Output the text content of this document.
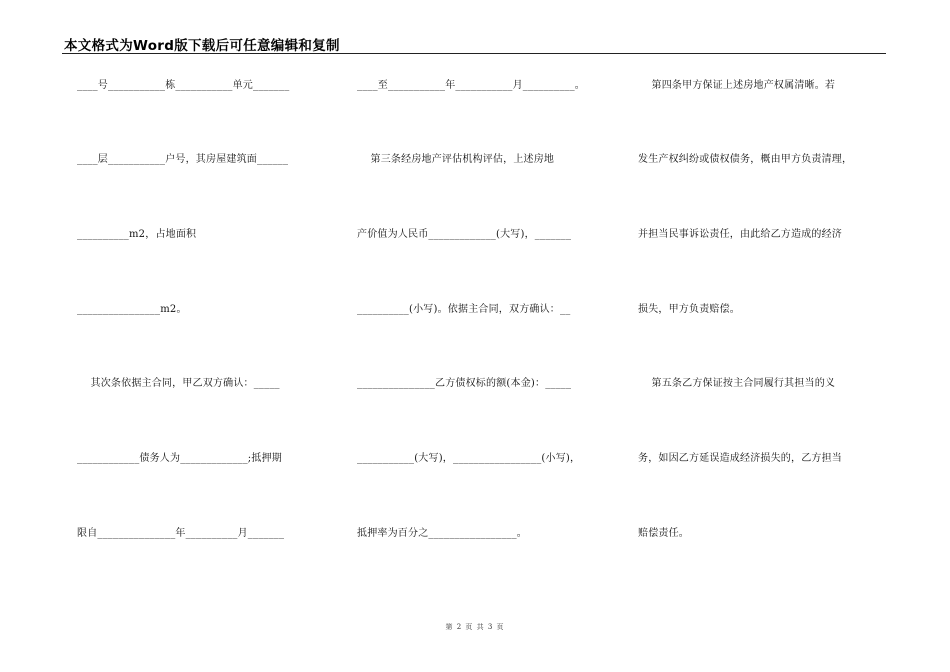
本文格式为Word版下载后可任意编辑和复制
____号___________栋___________单元_______
____层___________户号，其房屋建筑面______
__________m2，占地面积
________________m2。
其次条依据主合同，甲乙双方确认：_____
____________债务人为_____________;抵押期
限自_______________年__________月_______
____至___________年___________月__________。
第三条经房地产评估机构评估，上述房地
产价值为人民币_____________(大写)，_______
__________(小写)。依据主合同，双方确认：__
_______________乙方债权标的额(本金)：_____
___________(大写)，_________________(小写)，
抵押率为百分之_________________。
第四条甲方保证上述房地产权属清晰。若
发生产权纠纷或债权债务，概由甲方负责清理，
并担当民事诉讼责任，由此给乙方造成的经济
损失，甲方负责赔偿。
第五条乙方保证按主合同履行其担当的义
务，如因乙方延误造成经济损失的，乙方担当
赔偿责任。
第 2 页 共 3 页
